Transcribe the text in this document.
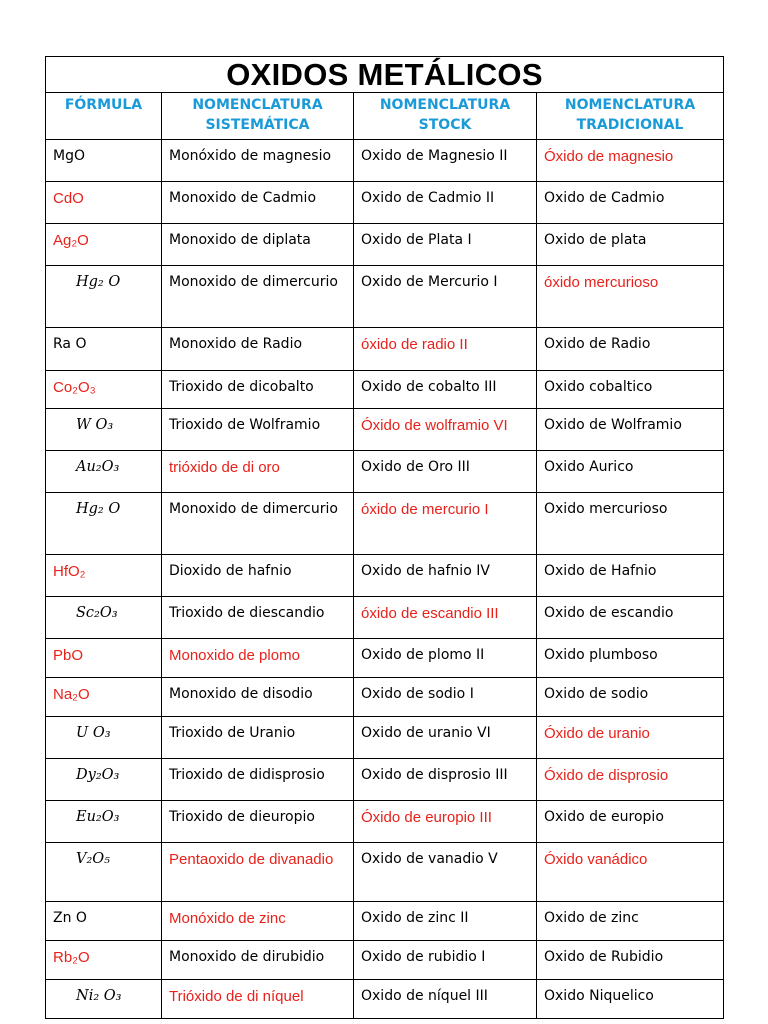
OXIDOS METÁLICOS			
FÓRMULA	NOMENCLATURA SISTEMÁTICA	NOMENCLATURA STOCK	NOMENCLATURA TRADICIONAL
MgO	Monóxido de magnesio	Oxido de Magnesio II	Óxido de magnesio
CdO	Monoxido de Cadmio	Oxido de Cadmio II	Oxido de Cadmio
Ag₂O	Monoxido de diplata	Oxido de Plata I	Oxido de plata
Hg₂ O	Monoxido de dimercurio	Oxido de Mercurio I	óxido mercurioso
Ra O	Monoxido de Radio	óxido de radio II	Oxido de Radio
Co₂O₃	Trioxido de dicobalto	Oxido de cobalto III	Oxido cobaltico
W O₃	Trioxido de Wolframio	Óxido de wolframio VI	Oxido de Wolframio
Au₂O₃	trióxido de di oro	Oxido de Oro III	Oxido Aurico
Hg₂ O	Monoxido de dimercurio	óxido de mercurio I	Oxido mercurioso
HfO₂	Dioxido de hafnio	Oxido de hafnio IV	Oxido de Hafnio
Sc₂O₃	Trioxido de diescandio	óxido de escandio III	Oxido de escandio
PbO	Monoxido de plomo	Oxido de plomo II	Oxido plumboso
Na₂O	Monoxido de disodio	Oxido de sodio I	Oxido de sodio
U O₃	Trioxido de Uranio	Oxido de uranio VI	Óxido de uranio
Dy₂O₃	Trioxido de didisprosio	Oxido de disprosio III	Óxido de disprosio
Eu₂O₃	Trioxido de dieuropio	Óxido de europio III	Oxido de europio
V₂O₅	Pentaoxido de divanadio	Oxido de vanadio V	Óxido vanádico
Zn O	Monóxido de zinc	Oxido de zinc II	Oxido de zinc
Rb₂O	Monoxido de dirubidio	Oxido de rubidio I	Oxido de Rubidio
Ni₂ O₃	Trióxido de di níquel	Oxido de níquel III	Oxido Niquelico
